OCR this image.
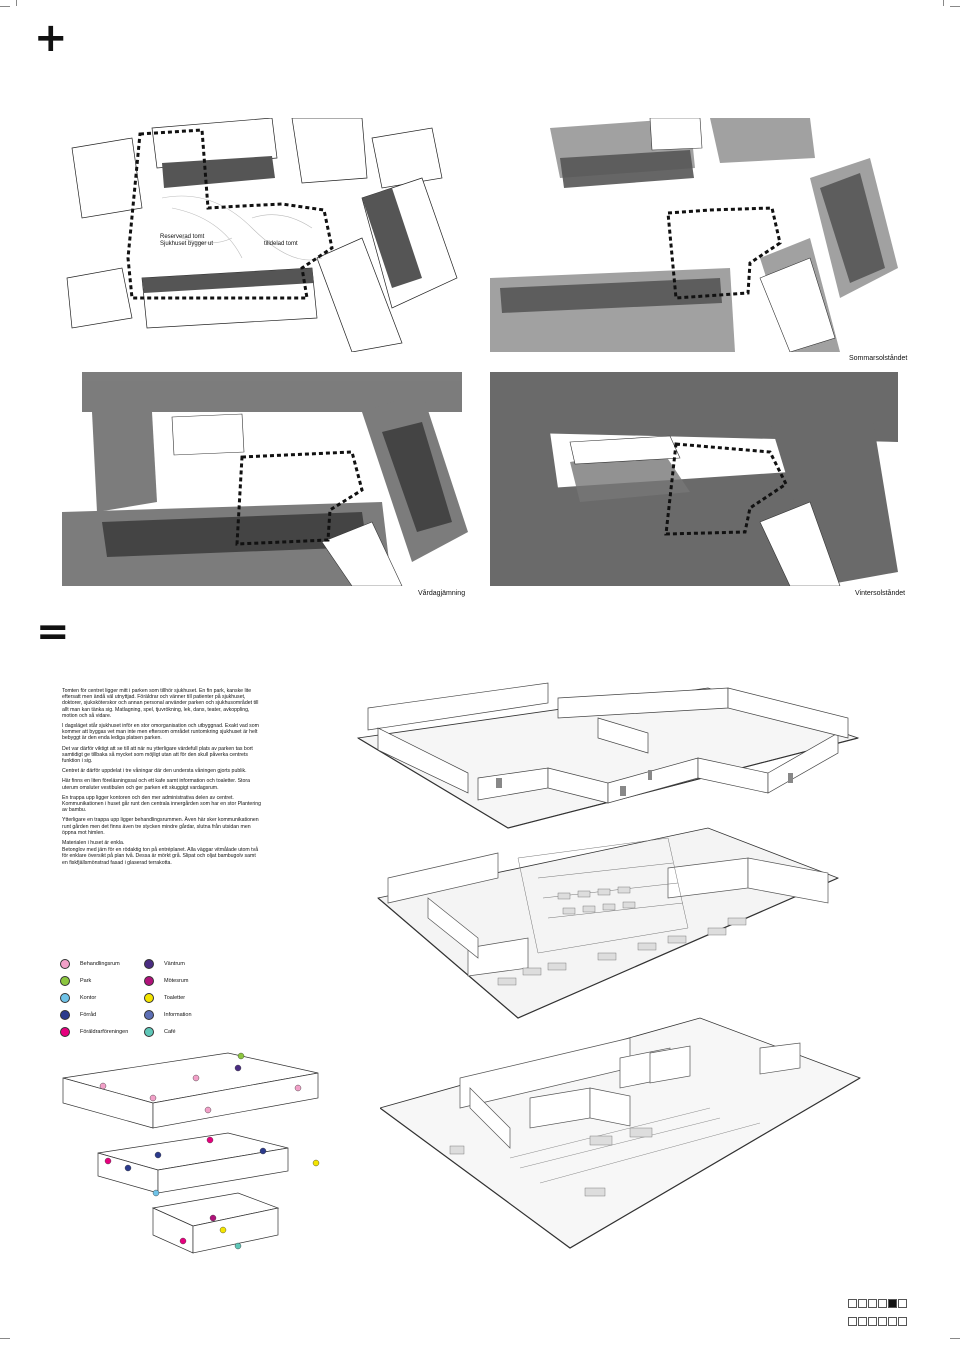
+
Reserverad tomt
Sjukhuset bygger ut	tilldelad tomt
Sommarsolståndet
Vårdagjämning	Vintersolståndet
=

Tomten för centret ligger mitt i parken som tillhör sjukhuset. En fin park, kanske lite eftersatt men ändå väl utnyttjad. Föräldrar och vänner till patienter på sjukhuset, doktorer, sjuksköterskor och annan personal använder parken och sjukhusområdet till allt man kan tänka sig. Matlagning, spel, tjuvrökning, lek, dans, teater, avkoppling, motion och så vidare.

I dagsläget står sjukhuset inför en stor omorganisation och utbyggnad. Exakt vad som kommer att byggas vet man inte men eftersom området runtomkring sjukhuset är helt bebyggt är den enda lediga platsen parken.

Det var därför viktigt att se till att när nu ytterligare värdefull plats av parken tas bort samtidigt ge tillbaka så mycket som möjligt utan att för den skull påverka centrets funktion i sig.

Centret är därför uppdelat i tre våningar där den understa våningen gjorts publik.

Här finns en liten föreläsningssal och ett kafe samt information och toaletter. Stora uterum omsluter vestibulen och ger parken ett skuggigt vardagsrum.

En trappa upp ligger kontoren och den mer administrativa delen av centret. Kommunikationen i huset går runt den centrala innergården som har en stor Plantering av bambu.

Ytterligare en trappa upp ligger behandlingsrummen. Även här sker kommunikationen runt gården men det finns även tre stycken mindre gårdar, slutna från utsidan men öppna mot himlen.

Materialen i huset är enkla.

Betonglov med järn för en rödaktig ton på entréplanet. Alla väggar vitmålade utom två för enklare översikt på plan två. Dessa är mörkt grå. Slipat och oljat bambugolv samt en fiskfjällsmönstrad fasad i glaserad terrakotta.

Behandlingsrum
Park
Kontor
Förråd
Föräldrarföreningen
Väntrum
Mötesrum
Toaletter
Information
Café
